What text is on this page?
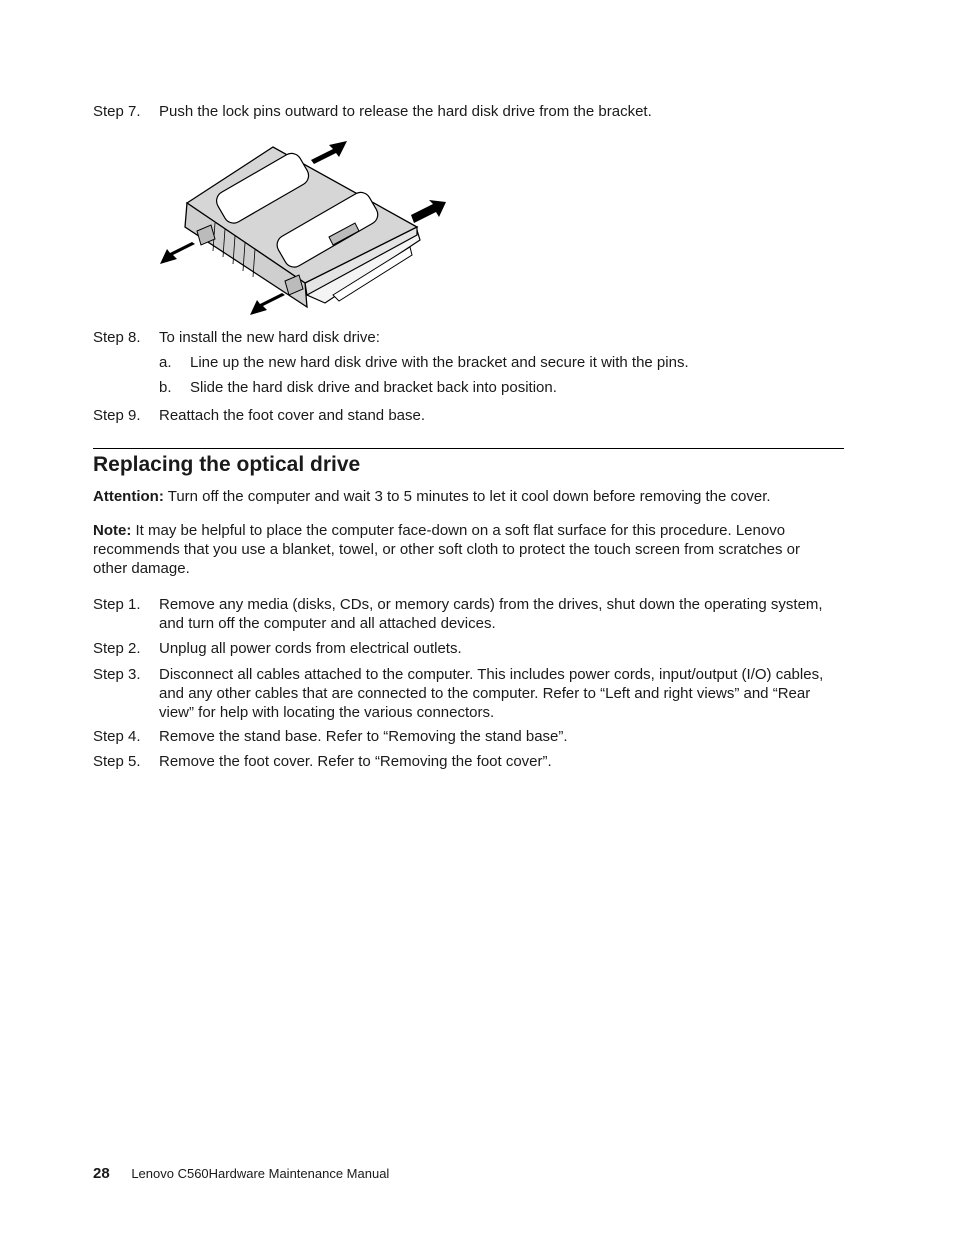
Step 7. Push the lock pins outward to release the hard disk drive from the bracket.
Step 8. To install the new hard disk drive:
a. Line up the new hard disk drive with the bracket and secure it with the pins.
b. Slide the hard disk drive and bracket back into position.
Step 9. Reattach the foot cover and stand base.
Replacing the optical drive
Attention: Turn off the computer and wait 3 to 5 minutes to let it cool down before removing the cover.
Note: It may be helpful to place the computer face-down on a soft flat surface for this procedure. Lenovo recommends that you use a blanket, towel, or other soft cloth to protect the touch screen from scratches or other damage.
Step 1. Remove any media (disks, CDs, or memory cards) from the drives, shut down the operating system, and turn off the computer and all attached devices.
Step 2. Unplug all power cords from electrical outlets.
Step 3. Disconnect all cables attached to the computer. This includes power cords, input/output (I/O) cables, and any other cables that are connected to the computer. Refer to “Left and right views” and “Rear view” for help with locating the various connectors.
Step 4. Remove the stand base. Refer to “Removing the stand base”.
Step 5. Remove the foot cover. Refer to “Removing the foot cover”.
28 Lenovo C560Hardware Maintenance Manual
